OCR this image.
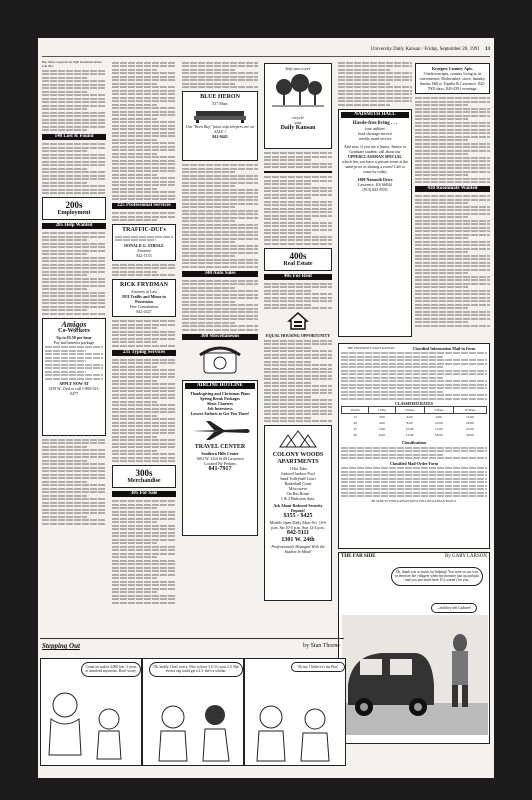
University Daily Kansan / Friday, September 20, 1991 13
Big. Must cooperate for light household duties. Call 841-
140 Lost & Found
200s
Employment
205 Help Wanted
Amigos
Co-Workers
Up to $5.50 per hour
Pay and benefits package
APPLY NOW AT
1339 W. 23rd or call 1-800-521-0477
225 Professional Services
TRAFFIC-DUI's
DONALD G. STROLE
Attorney
842-1133
RICK FRYDMAN
Attorney at Law
DUI Traffic and Minor in Possession
Free Consultation
842-4327
235 Typing Services
300s
Merchandise
305 For Sale
BLUE HERON
537 Mass
Our "Born Bay" futon sofa sleepers are on SALE !
841-9443
340 Auto Sales
360 Miscellaneous
AIRLINE HOTLINE
Thanksgiving and Christmas Plans
Spring Break Packages
Short Charters
Job Interviews
Lowest Airfares to Get You There!
TRAVEL CENTER
Southern Hills Center
1601 W. 23rd St #9 Lawrence
Located By Perkins
841-7917
help save a tree
recycle
your
Daily Kansan
400s
Real Estate
405 For Rent
EQUAL HOUSING OPPORTUNITY
COLONY WOODS APARTMENTS
1 Hot Tubs
Indoor/Outdoor Pool
Sand Volleyball Court
Basketball Court
Microwave
On Bus Route
1 & 2 Bedroom Apts.
Ask About Reduced Security Deposit!
$355 - $425
Models Open Daily Mon.-Fri. 10-6 p.m. Sat 10-5 p.m. Sun 12-4 p.m.
842-5111
1301 W. 24th
Professionally Managed With the Student In Mind!
NAISMITH HALL
Hassle-free living . . .
four utilities
food shortage service
weekly maid service
And now, if you are a Junior, Senior or Graduate student, call about our
UPPERCLASSMAN SPECIAL
which lets you have a private room at the same price as sharing a room! Call or come by today.
1800 Naismith Drive
Lawrence, KS 66044
(913) 843-8559
Kroegers Country Apts.
3 bedroom apts, country living at its convenience. Dishwasher, stove, laundry. Smoky Hill to Topeka & Lawrence. 842-7005 days, 843-4391 evenings.
430 Roommate Wanted
THE UNIVERSITY DAILY KANSAN	Classified Information Mail-in Form
CLASSIFIED RATES
Words	1 Day	3 Days	5 Days	10 Days
15	3.00	6.00	9.00	15.00
20	4.00	8.00	12.00	20.00
25	5.00	10.00	15.00	25.00
30	6.00	12.00	18.00	30.00
Classifications
Classified Mail-Order Form
BE SURE TO FIND KANSAN MUST FOLLOW KANSAN POLICY
THE FAR SIDE	By GARY LARSON
Oh, thank you so much for helping! You were so our way to terrorize the villagers when my monster just up and quit - and you just stuck here. If it weren't for you...
...and they left Cadaver!
Stepping Out	by Stan Thorne
Come on sucker 4,000 feet. 3 years of unsolved mysteries. Don't worry.
Ok, buddy. Don't worry. Nice to have 3.0. It's your 2.0. But even a cap could get a 2.5, she's a scholar.
Oh my, I believe is my Boy!
